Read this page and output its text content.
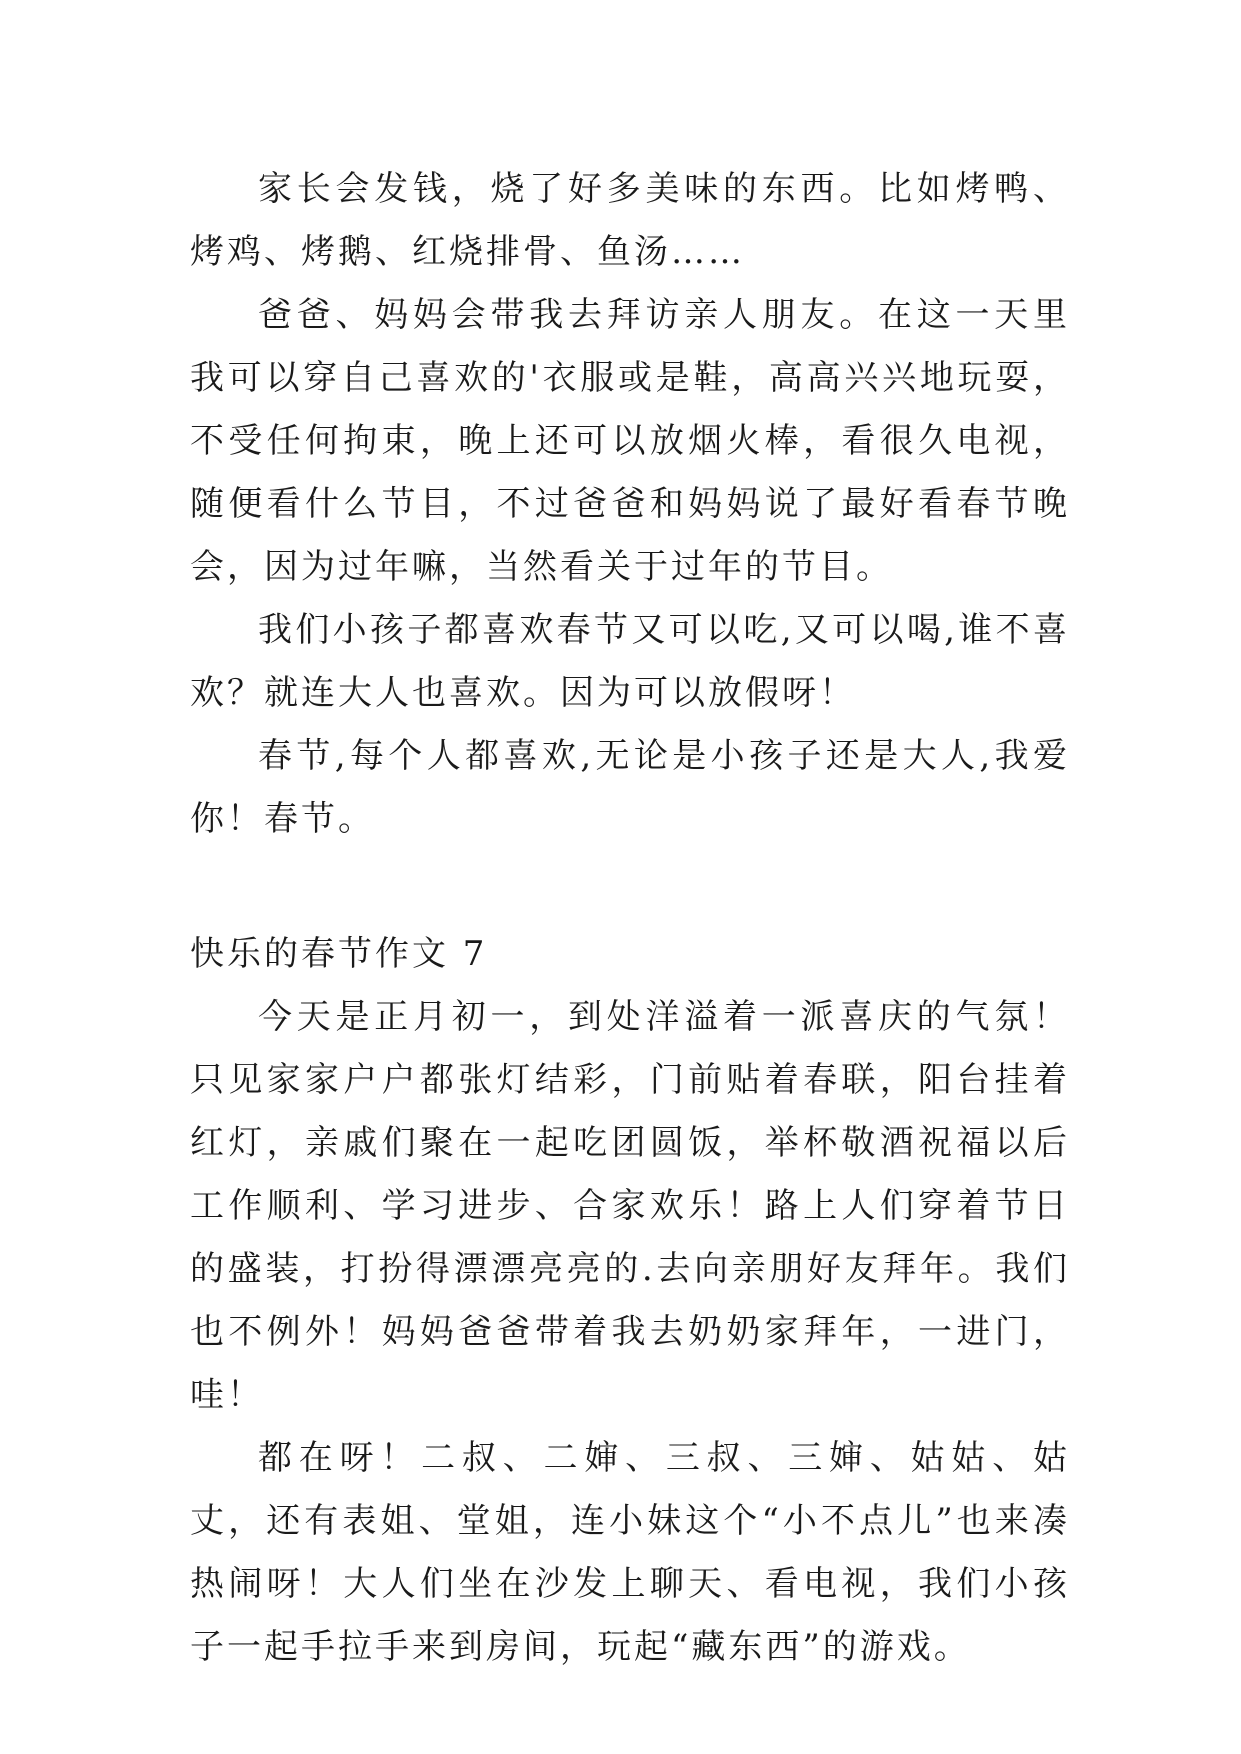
家长会发钱，烧了好多美味的东西。比如烤鸭、烤鸡、烤鹅、红烧排骨、鱼汤……

爸爸、妈妈会带我去拜访亲人朋友。在这一天里我可以穿自己喜欢的'衣服或是鞋，高高兴兴地玩耍，不受任何拘束，晚上还可以放烟火棒，看很久电视，随便看什么节目，不过爸爸和妈妈说了最好看春节晚会，因为过年嘛，当然看关于过年的节目。

我们小孩子都喜欢春节又可以吃,又可以喝,谁不喜欢？就连大人也喜欢。因为可以放假呀！

春节,每个人都喜欢,无论是小孩子还是大人,我爱你！春节。

快乐的春节作文 7

今天是正月初一，到处洋溢着一派喜庆的气氛！只见家家户户都张灯结彩，门前贴着春联，阳台挂着红灯，亲戚们聚在一起吃团圆饭，举杯敬酒祝福以后工作顺利、学习进步、合家欢乐！路上人们穿着节日的盛装，打扮得漂漂亮亮的.去向亲朋好友拜年。我们也不例外！妈妈爸爸带着我去奶奶家拜年，一进门，哇！

都在呀！二叔、二婶、三叔、三婶、姑姑、姑丈，还有表姐、堂姐，连小妹这个“小不点儿”也来凑热闹呀！大人们坐在沙发上聊天、看电视，我们小孩子一起手拉手来到房间，玩起“藏东西”的游戏。
